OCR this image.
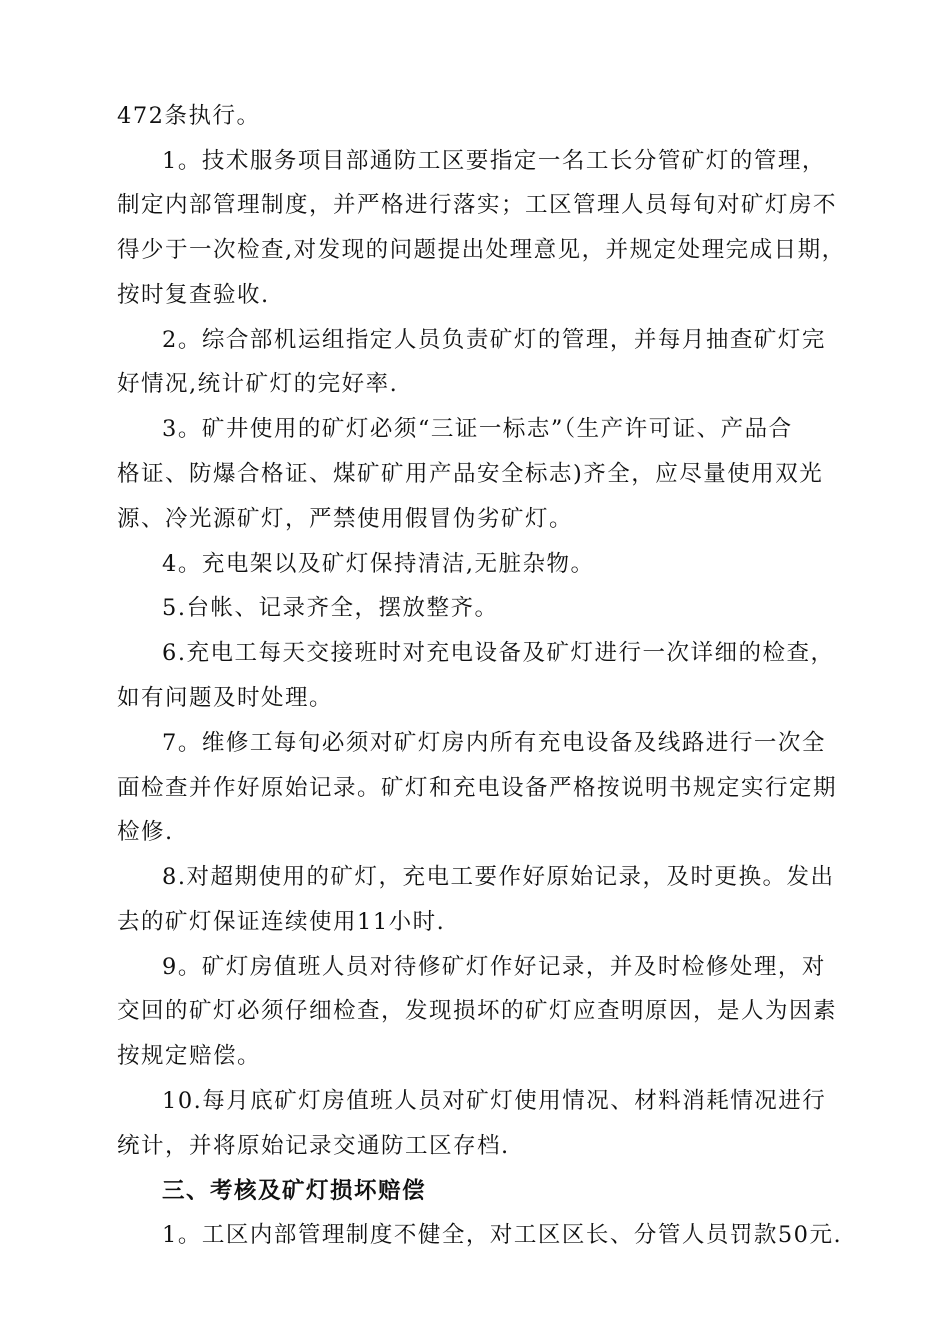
472条执行。
1。技术服务项目部通防工区要指定一名工长分管矿灯的管理，
制定内部管理制度，并严格进行落实；工区管理人员每旬对矿灯房不
得少于一次检查,对发现的问题提出处理意见，并规定处理完成日期，
按时复查验收.
2。综合部机运组指定人员负责矿灯的管理，并每月抽查矿灯完
好情况,统计矿灯的完好率.
3。矿井使用的矿灯必须“三证一标志”（生产许可证、产品合
格证、防爆合格证、煤矿矿用产品安全标志)齐全，应尽量使用双光
源、冷光源矿灯，严禁使用假冒伪劣矿灯。
4。充电架以及矿灯保持清洁,无脏杂物。
5.台帐、记录齐全，摆放整齐。
6.充电工每天交接班时对充电设备及矿灯进行一次详细的检查，
如有问题及时处理。
7。维修工每旬必须对矿灯房内所有充电设备及线路进行一次全
面检查并作好原始记录。矿灯和充电设备严格按说明书规定实行定期
检修.
8.对超期使用的矿灯，充电工要作好原始记录，及时更换。发出
去的矿灯保证连续使用11小时.
9。矿灯房值班人员对待修矿灯作好记录，并及时检修处理，对
交回的矿灯必须仔细检查，发现损坏的矿灯应查明原因，是人为因素
按规定赔偿。
10.每月底矿灯房值班人员对矿灯使用情况、材料消耗情况进行
统计，并将原始记录交通防工区存档.
三、考核及矿灯损坏赔偿
1。工区内部管理制度不健全，对工区区长、分管人员罚款50元.
